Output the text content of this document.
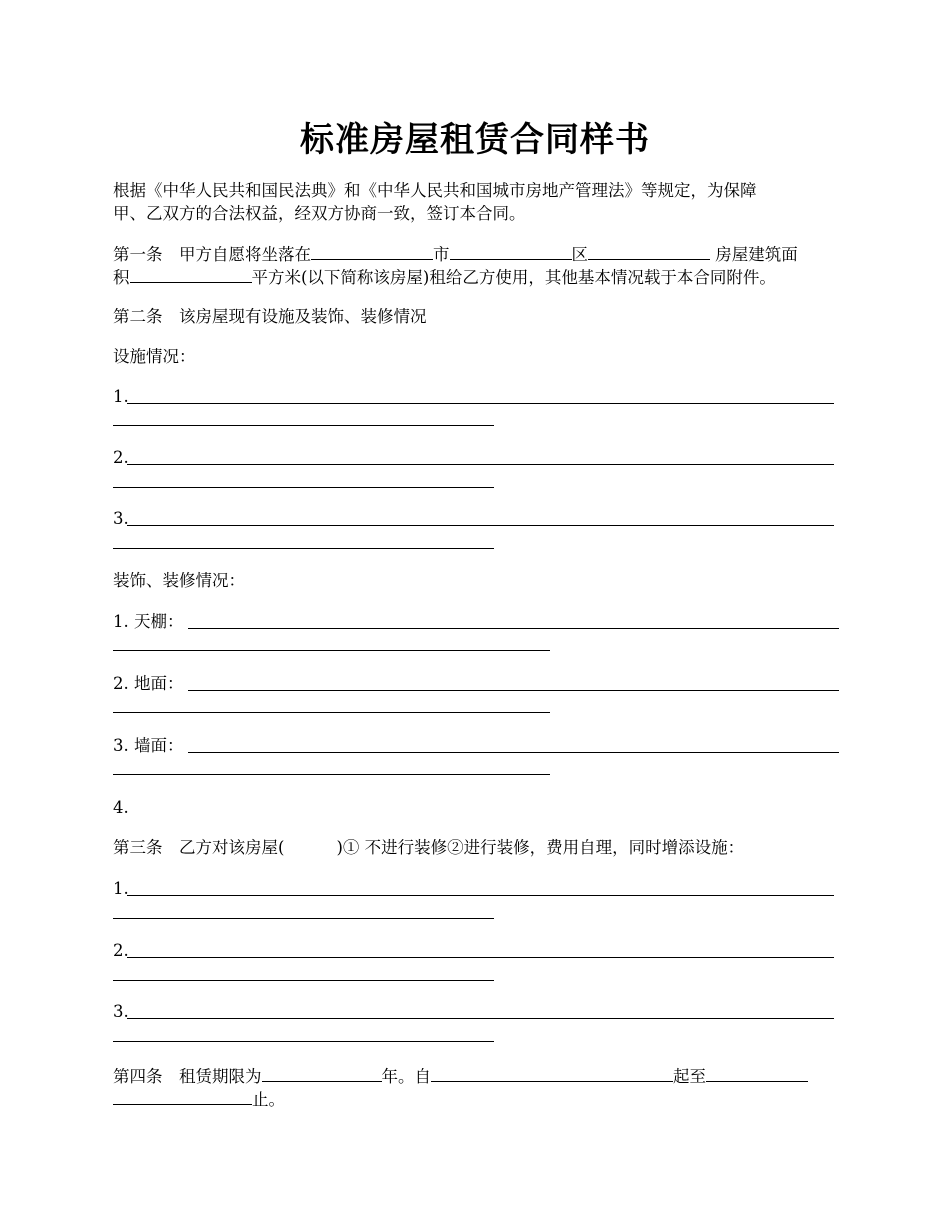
标准房屋租赁合同样书
根据《中华人民共和国民法典》和《中华人民共和国城市房地产管理法》等规定，为保障
甲、乙双方的合法权益，经双方协商一致，签订本合同。
第一条　甲方自愿将坐落在	市	区	房屋建筑面
积	平方米(以下简称该房屋)租给乙方使用，其他基本情况载于本合同附件。
第二条　该房屋现有设施及装饰、装修情况
设施情况：
1.
2.
3.
装饰、装修情况：
1. 天棚：
2. 地面：
3. 墙面：
4.
第三条　乙方对该房屋(	)① 不进行装修②进行装修，费用自理，同时增添设施：
1.
2.
3.
第四条　租赁期限为	年。自	起至
止。
